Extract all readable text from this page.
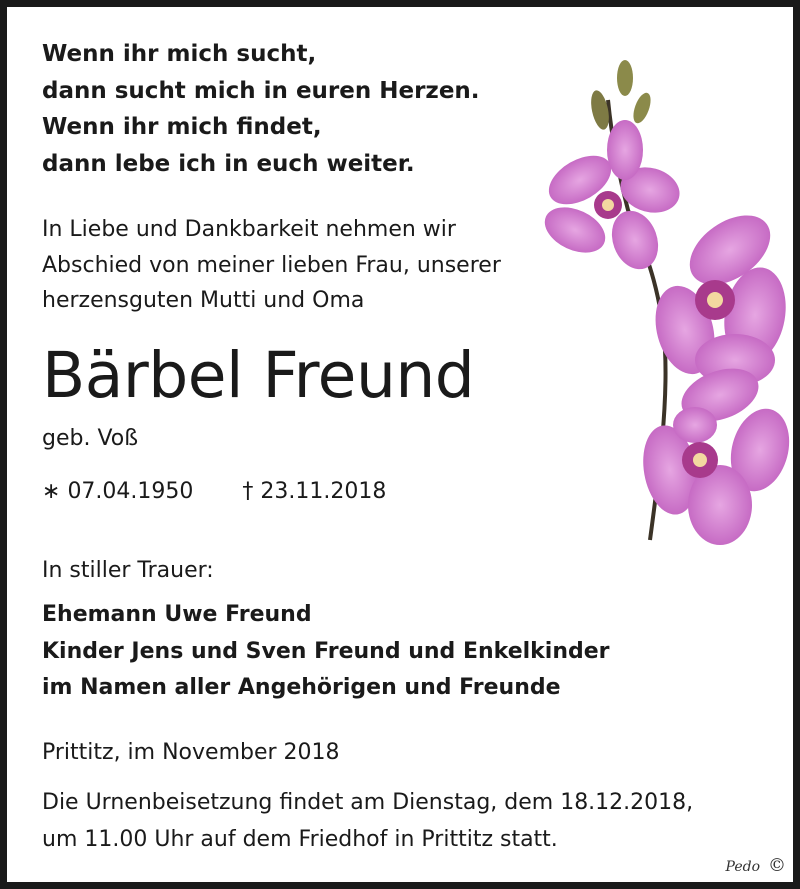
Wenn ihr mich sucht,
dann sucht mich in euren Herzen.
Wenn ihr mich findet,
dann lebe ich in euch weiter.
In Liebe und Dankbarkeit nehmen wir
Abschied von meiner lieben Frau, unserer
herzensguten Mutti und Oma
Bärbel Freund
geb. Voß
∗ 07.04.1950 † 23.11.2018
In stiller Trauer:
Ehemann Uwe Freund
Kinder Jens und Sven Freund und Enkelkinder
im Namen aller Angehörigen und Freunde
Prittitz, im November 2018
Die Urnenbeisetzung findet am Dienstag, dem 18.12.2018,
um 11.00 Uhr auf dem Friedhof in Prittitz statt.
Pedo ©
